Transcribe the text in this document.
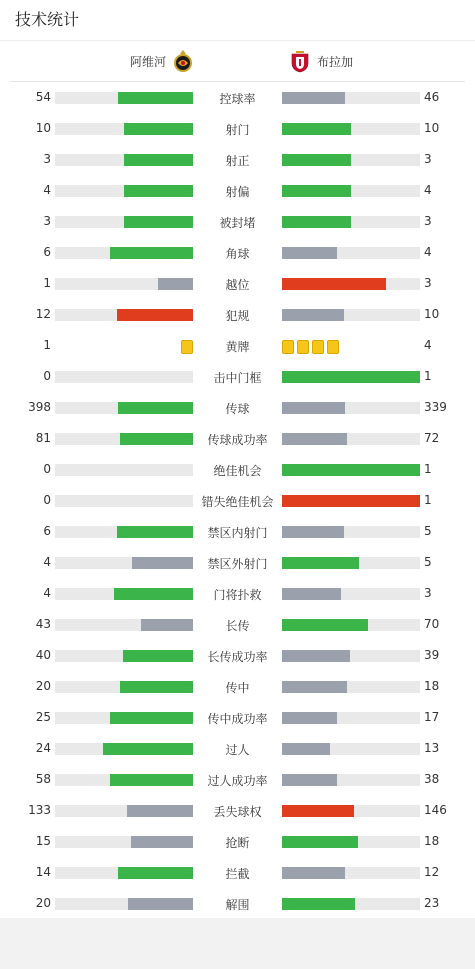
技术统计
阿维河	布拉加
54	控球率	46
10	射门	10
3	射正	3
4	射偏	4
3	被封堵	3
6	角球	4
1	越位	3
12	犯规	10
1	黄牌	4
0	击中门框	1
398	传球	339
81	传球成功率	72
0	绝佳机会	1
0	错失绝佳机会	1
6	禁区内射门	5
4	禁区外射门	5
4	门将扑救	3
43	长传	70
40	长传成功率	39
20	传中	18
25	传中成功率	17
24	过人	13
58	过人成功率	38
133	丢失球权	146
15	抢断	18
14	拦截	12
20	解围	23
